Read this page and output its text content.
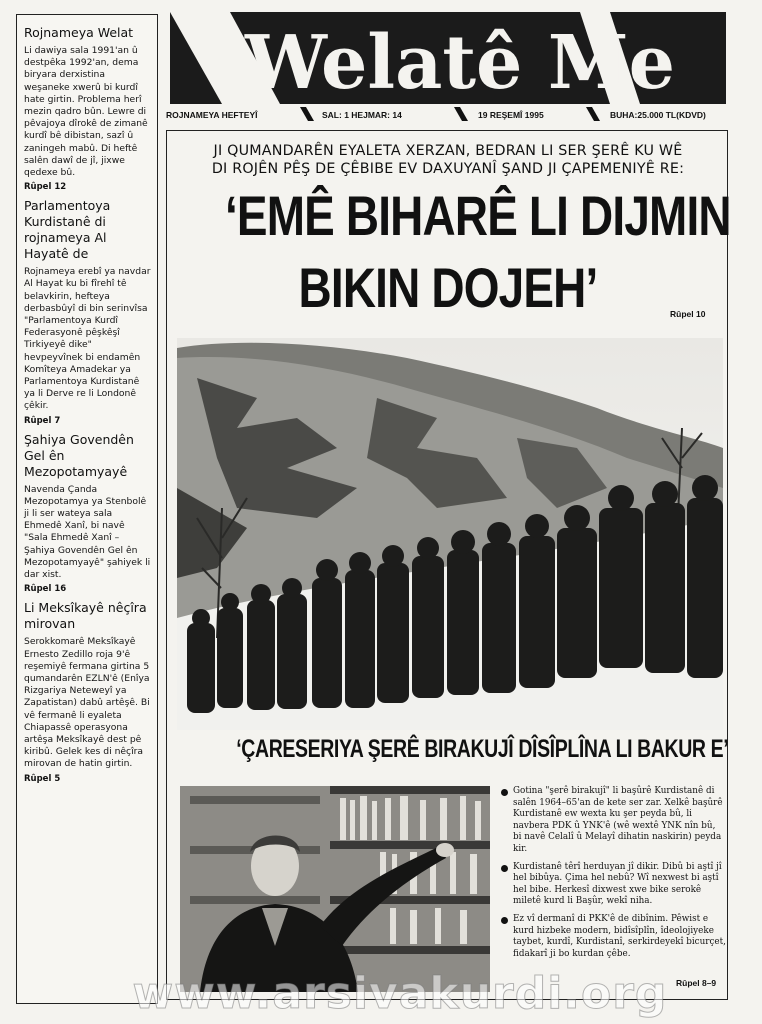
Rojnameya Welat
Li dawiya sala 1991'an û destpêka 1992'an, dema biryara derxistina weşaneke xwerû bi kurdî hate girtin. Problema herî mezin qadro bûn. Lewre di pêvajoya dîrokê de zimanê kurdî bê dibistan, sazî û zaningeh mabû. Di heftê salên dawî de jî, jixwe qedexe bû.
Rûpel 12
Parlamentoya Kurdistanê di rojnameya Al Hayatê de
Rojnameya erebî ya navdar Al Hayat ku bi fîrehî tê belavkirin, hefteya derbasbûyî di bin serinvîsa "Parlamentoya Kurdî Federasyonê pêşkêşî Tirkiyeyê dike" hevpeyvînek bi endamên Komîteya Amadekar ya Parlamentoya Kurdistanê ya li Derve re li Londonê çêkir.
Rûpel 7
Şahiya Govendên Gel ên Mezopotamyayê
Navenda Çanda Mezopotamya ya Stenbolê ji li ser wateya sala Ehmedê Xanî, bi navê "Sala Ehmedê Xanî – Şahiya Govendên Gel ên Mezopotamyayê" şahiyek li dar xist.
Rûpel 16
Li Meksîkayê nêçîra mirovan
Serokkomarê Meksîkayê Ernesto Zedillo roja 9'ê reşemiyê fermana girtina 5 qumandarên EZLN'ê (Enîya Rizgariya Neteweyî ya Zapatistan) dabû artêşê. Bi vê fermanê li eyaleta Chiapassê operasyona artêşa Meksîkayê dest pê kiribû. Gelek kes di nêçîra mirovan de hatin girtin.
Rûpel 5
Welatê Me
ROJNAMEYA HEFTEYÎ	SAL: 1 HEJMAR: 14	19 REŞEMÎ 1995	BUHA:25.000 TL(KDVD)
JI QUMANDARÊN EYALETA XERZAN, BEDRAN LI SER ŞERÊ KU WÊ
DI ROJÊN PÊŞ DE ÇÊBIBE EV DAXUYANÎ ŞAND JI ÇAPEMENIYÊ RE:
‘EMÊ BIHARÊ LI DIJMIN
BIKIN DOJEH’	Rûpel 10
‘ÇARESERIYA ŞERÊ BIRAKUJÎ DÎSÎPLÎNA LI BAKUR E’
Gotina "şerê birakujî" li başûrê Kurdistanê di salên 1964–65'an de kete ser zar. Xelkê başûrê Kurdistanê ew wexta ku şer peyda bû, li navbera PDK û YNK'ê (wê wextê YNK nîn bû, bi navê Celalî û Melayî dihatin naskirin) peyda kir.
Kurdistanê têrî herduyan jî dikir. Dibû bi aştî jî hel bibûya. Çima hel nebû? Wî nexwest bi aştî hel bibe. Herkesî dixwest xwe bike serokê miletê kurd li Başûr, wekî niha.
Ez vî dermanî di PKK'ê de dibînim. Pêwist e kurd hizbeke modern, bidîsîplîn, îdeolojiyeke taybet, kurdî, Kurdistanî, serkirdeyekî bicurçet, fidakarî ji bo kurdan çêbe.
Rûpel 8–9
www.arsivakurdi.org
